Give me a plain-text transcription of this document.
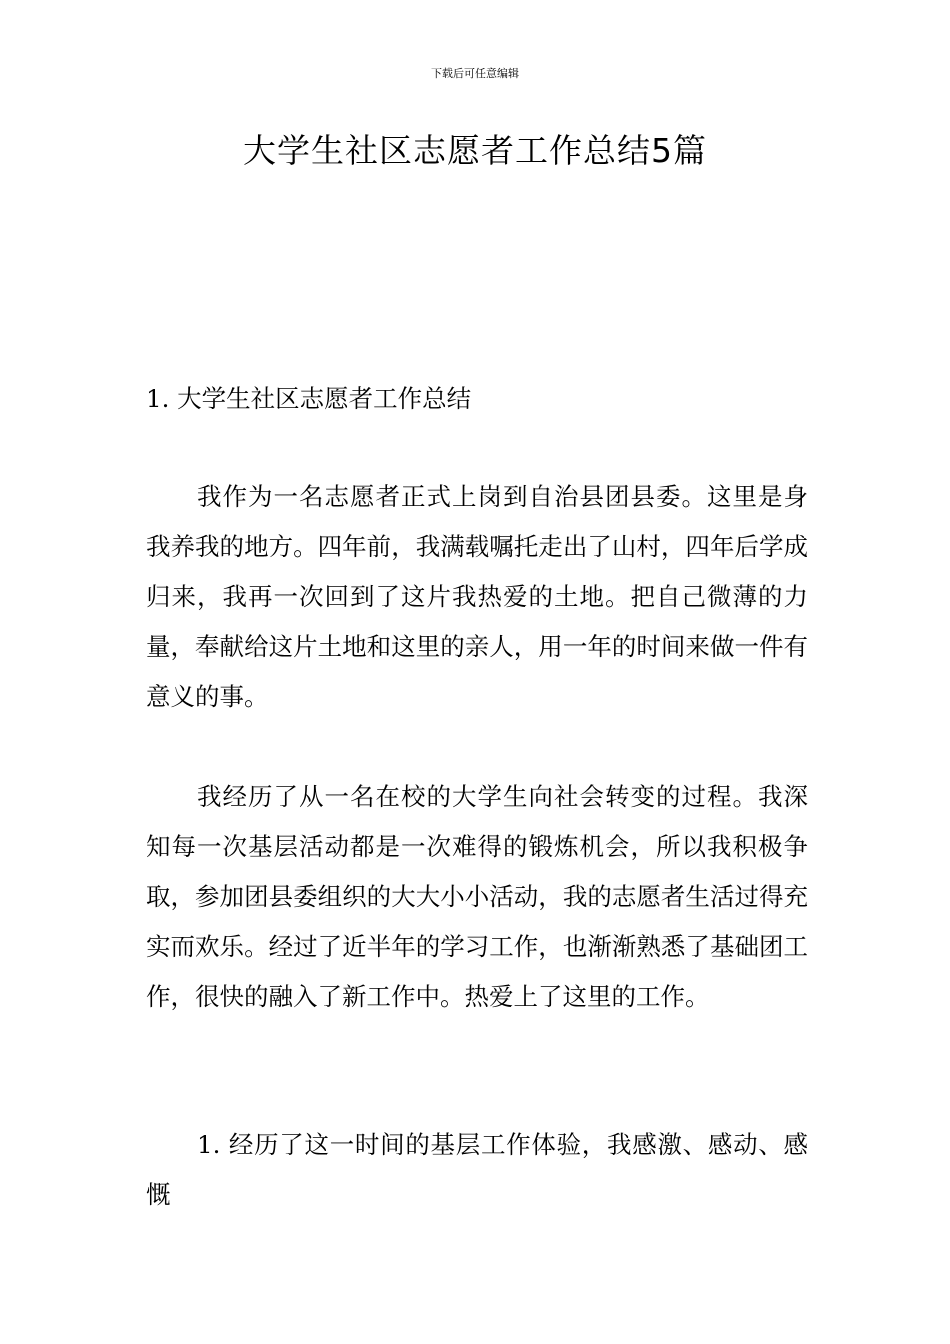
下载后可任意编辑
大学生社区志愿者工作总结5篇

1. 大学生社区志愿者工作总结

我作为一名志愿者正式上岗到自治县团县委。这里是身我养我的地方。四年前，我满载嘱托走出了山村，四年后学成归来，我再一次回到了这片我热爱的土地。把自己微薄的力量，奉献给这片土地和这里的亲人，用一年的时间来做一件有意义的事。

我经历了从一名在校的大学生向社会转变的过程。我深知每一次基层活动都是一次难得的锻炼机会，所以我积极争取，参加团县委组织的大大小小活动，我的志愿者生活过得充实而欢乐。经过了近半年的学习工作，也渐渐熟悉了基础团工作，很快的融入了新工作中。热爱上了这里的工作。

1. 经历了这一时间的基层工作体验，我感激、感动、感慨
